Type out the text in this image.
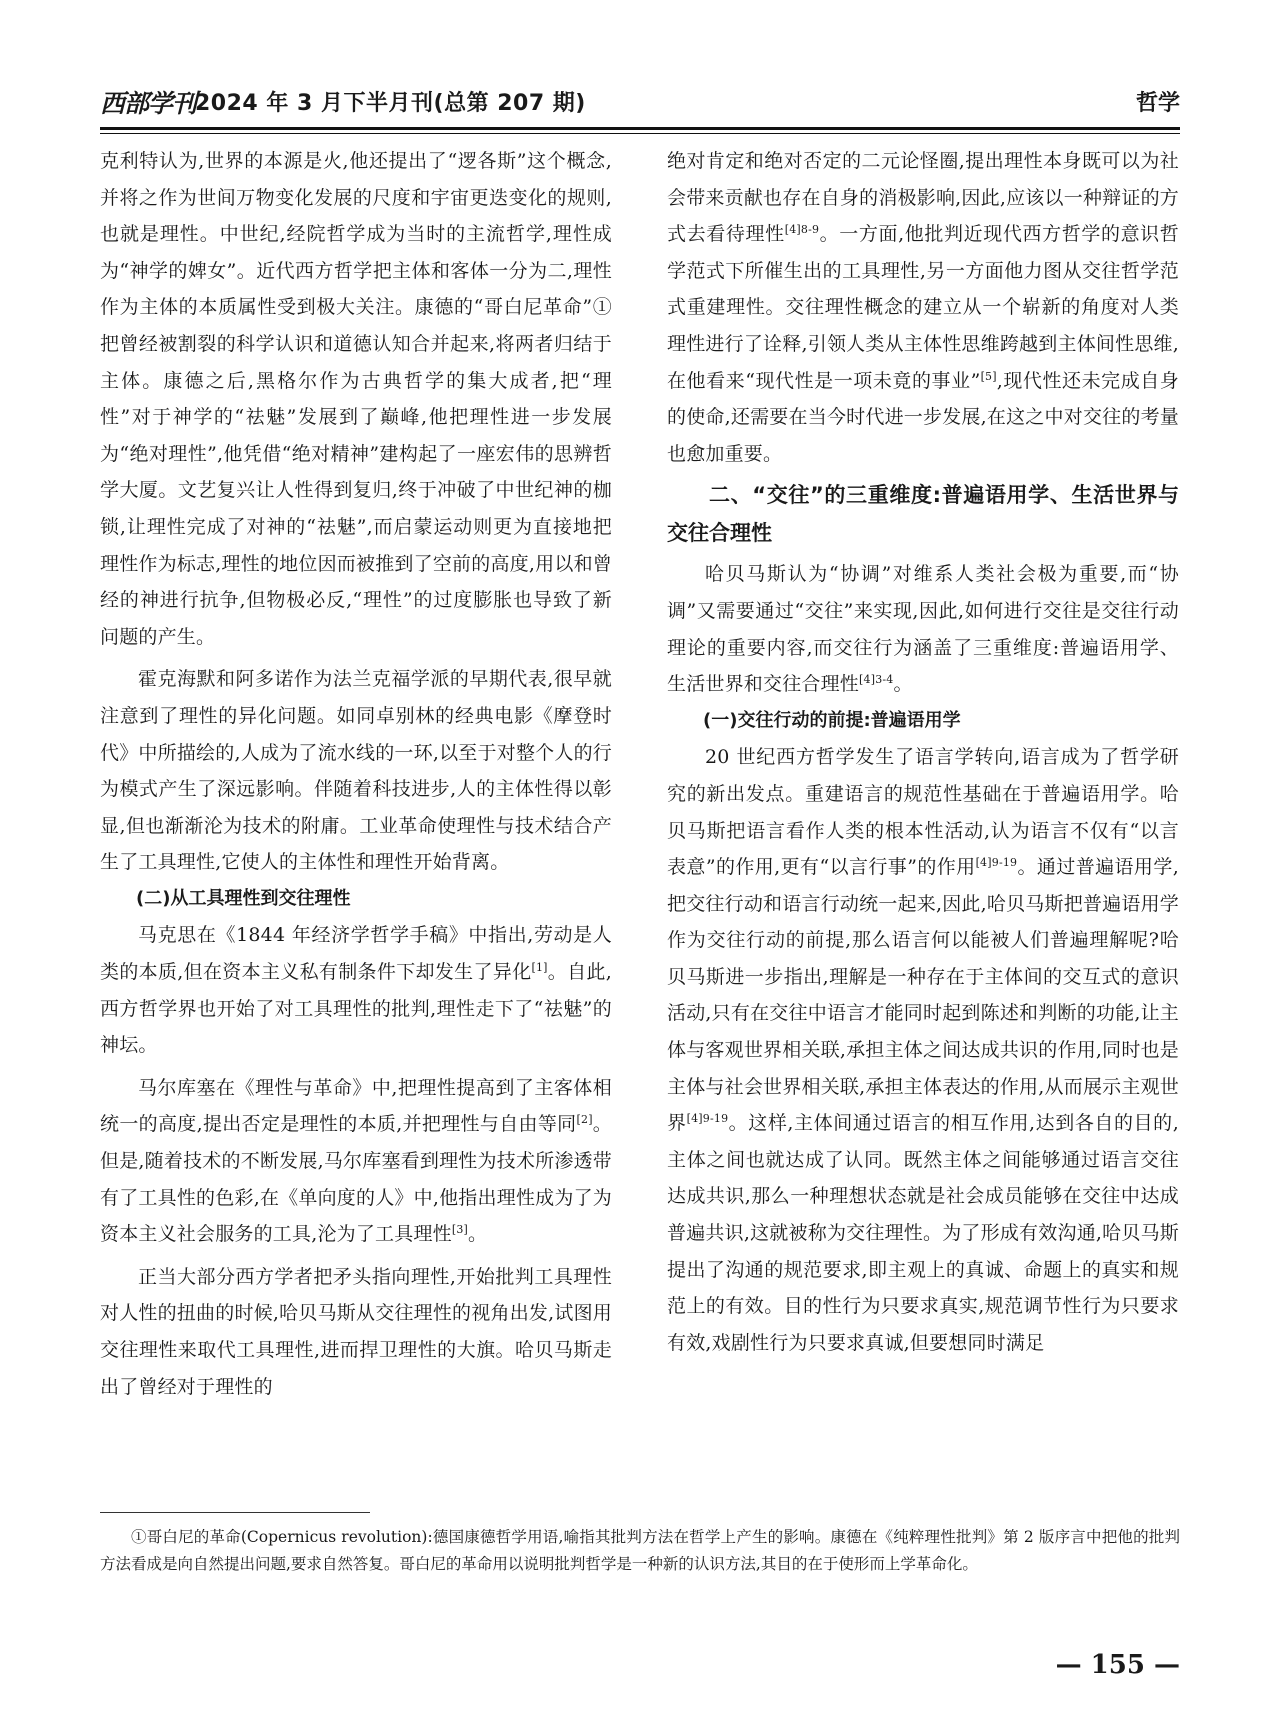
西部学刊
2024 年 3 月下半月刊(总第 207 期)	哲学

克利特认为,世界的本源是火,他还提出了“逻各斯”这个概念,并将之作为世间万物变化发展的尺度和宇宙更迭变化的规则,也就是理性。中世纪,经院哲学成为当时的主流哲学,理性成为“神学的婢女”。近代西方哲学把主体和客体一分为二,理性作为主体的本质属性受到极大关注。康德的“哥白尼革命”①把曾经被割裂的科学认识和道德认知合并起来,将两者归结于主体。康德之后,黑格尔作为古典哲学的集大成者,把“理性”对于神学的“祛魅”发展到了巅峰,他把理性进一步发展为“绝对理性”,他凭借“绝对精神”建构起了一座宏伟的思辨哲学大厦。文艺复兴让人性得到复归,终于冲破了中世纪神的枷锁,让理性完成了对神的“祛魅”,而启蒙运动则更为直接地把理性作为标志,理性的地位因而被推到了空前的高度,用以和曾经的神进行抗争,但物极必反,“理性”的过度膨胀也导致了新问题的产生。

霍克海默和阿多诺作为法兰克福学派的早期代表,很早就注意到了理性的异化问题。如同卓别林的经典电影《摩登时代》中所描绘的,人成为了流水线的一环,以至于对整个人的行为模式产生了深远影响。伴随着科技进步,人的主体性得以彰显,但也渐渐沦为技术的附庸。工业革命使理性与技术结合产生了工具理性,它使人的主体性和理性开始背离。

(二)从工具理性到交往理性

马克思在《1844 年经济学哲学手稿》中指出,劳动是人类的本质,但在资本主义私有制条件下却发生了异化[1]。自此,西方哲学界也开始了对工具理性的批判,理性走下了“祛魅”的神坛。

马尔库塞在《理性与革命》中,把理性提高到了主客体相统一的高度,提出否定是理性的本质,并把理性与自由等同[2]。但是,随着技术的不断发展,马尔库塞看到理性为技术所渗透带有了工具性的色彩,在《单向度的人》中,他指出理性成为了为资本主义社会服务的工具,沦为了工具理性[3]。

正当大部分西方学者把矛头指向理性,开始批判工具理性对人性的扭曲的时候,哈贝马斯从交往理性的视角出发,试图用交往理性来取代工具理性,进而捍卫理性的大旗。哈贝马斯走出了曾经对于理性的

绝对肯定和绝对否定的二元论怪圈,提出理性本身既可以为社会带来贡献也存在自身的消极影响,因此,应该以一种辩证的方式去看待理性$^{[4]8-9}$。一方面,他批判近现代西方哲学的意识哲学范式下所催生出的工具理性,另一方面他力图从交往哲学范式重建理性。交往理性概念的建立从一个崭新的角度对人类理性进行了诠释,引领人类从主体性思维跨越到主体间性思维,在他看来“现代性是一项未竟的事业”[5],现代性还未完成自身的使命,还需要在当今时代进一步发展,在这之中对交往的考量也愈加重要。

二、“交往”的三重维度:普遍语用学、生活世界与交往合理性

哈贝马斯认为“协调”对维系人类社会极为重要,而“协调”又需要通过“交往”来实现,因此,如何进行交往是交往行动理论的重要内容,而交往行为涵盖了三重维度:普遍语用学、生活世界和交往合理性$^{[4]3-4}$。

(一)交往行动的前提:普遍语用学

20 世纪西方哲学发生了语言学转向,语言成为了哲学研究的新出发点。重建语言的规范性基础在于普遍语用学。哈贝马斯把语言看作人类的根本性活动,认为语言不仅有“以言表意”的作用,更有“以言行事”的作用$^{[4]9-19}$。通过普遍语用学,把交往行动和语言行动统一起来,因此,哈贝马斯把普遍语用学作为交往行动的前提,那么语言何以能被人们普遍理解呢?哈贝马斯进一步指出,理解是一种存在于主体间的交互式的意识活动,只有在交往中语言才能同时起到陈述和判断的功能,让主体与客观世界相关联,承担主体之间达成共识的作用,同时也是主体与社会世界相关联,承担主体表达的作用,从而展示主观世界$^{[4]9-19}$。这样,主体间通过语言的相互作用,达到各自的目的,主体之间也就达成了认同。既然主体之间能够通过语言交往达成共识,那么一种理想状态就是社会成员能够在交往中达成普遍共识,这就被称为交往理性。为了形成有效沟通,哈贝马斯提出了沟通的规范要求,即主观上的真诚、命题上的真实和规范上的有效。目的性行为只要求真实,规范调节性行为只要求有效,戏剧性行为只要求真诚,但要想同时满足

①哥白尼的革命(Copernicus revolution):德国康德哲学用语,喻指其批判方法在哲学上产生的影响。康德在《纯粹理性批判》第 2 版序言中把他的批判方法看成是向自然提出问题,要求自然答复。哥白尼的革命用以说明批判哲学是一种新的认识方法,其目的在于使形而上学革命化。

— 155 —
